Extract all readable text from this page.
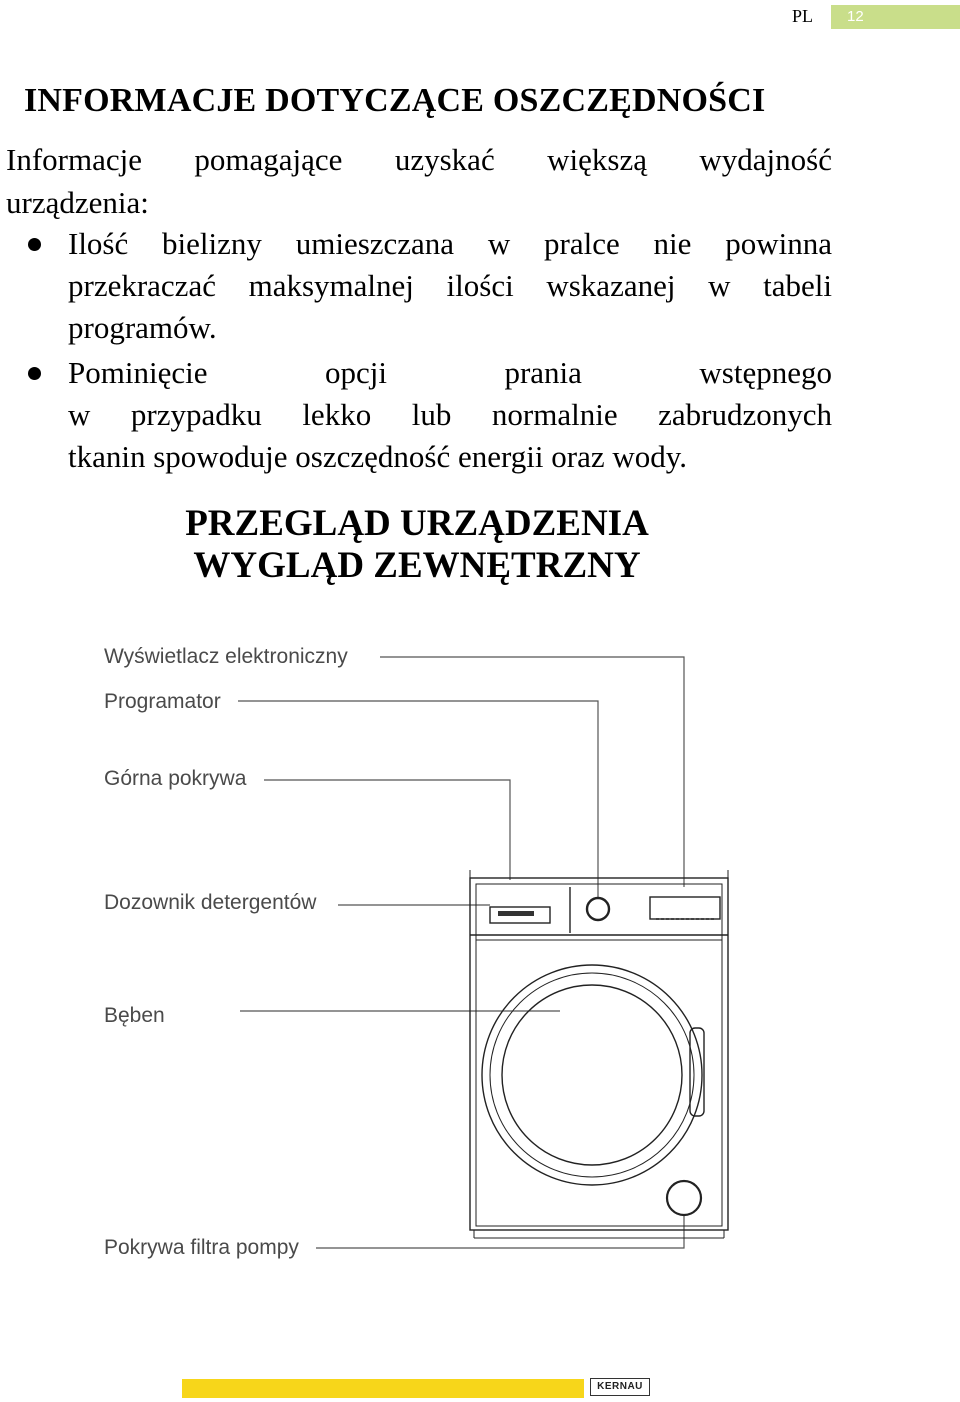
PL	12
INFORMACJE DOTYCZĄCE OSZCZĘDNOŚCI
Informacje pomagające uzyskać większą wydajność
urządzenia:
Ilość bielizny umieszczana w pralce nie powinna
przekraczać maksymalnej ilości wskazanej w tabeli
programów.
Pominięcie opcji prania wstępnego
w przypadku lekko lub normalnie zabrudzonych
tkanin spowoduje oszczędność energii oraz wody.
PRZEGLĄD URZĄDZENIA
WYGLĄD ZEWNĘTRZNY
Wyświetlacz elektroniczny
Programator
Górna pokrywa
Dozownik detergentów
Bęben
Pokrywa filtra pompy
KERNAU
